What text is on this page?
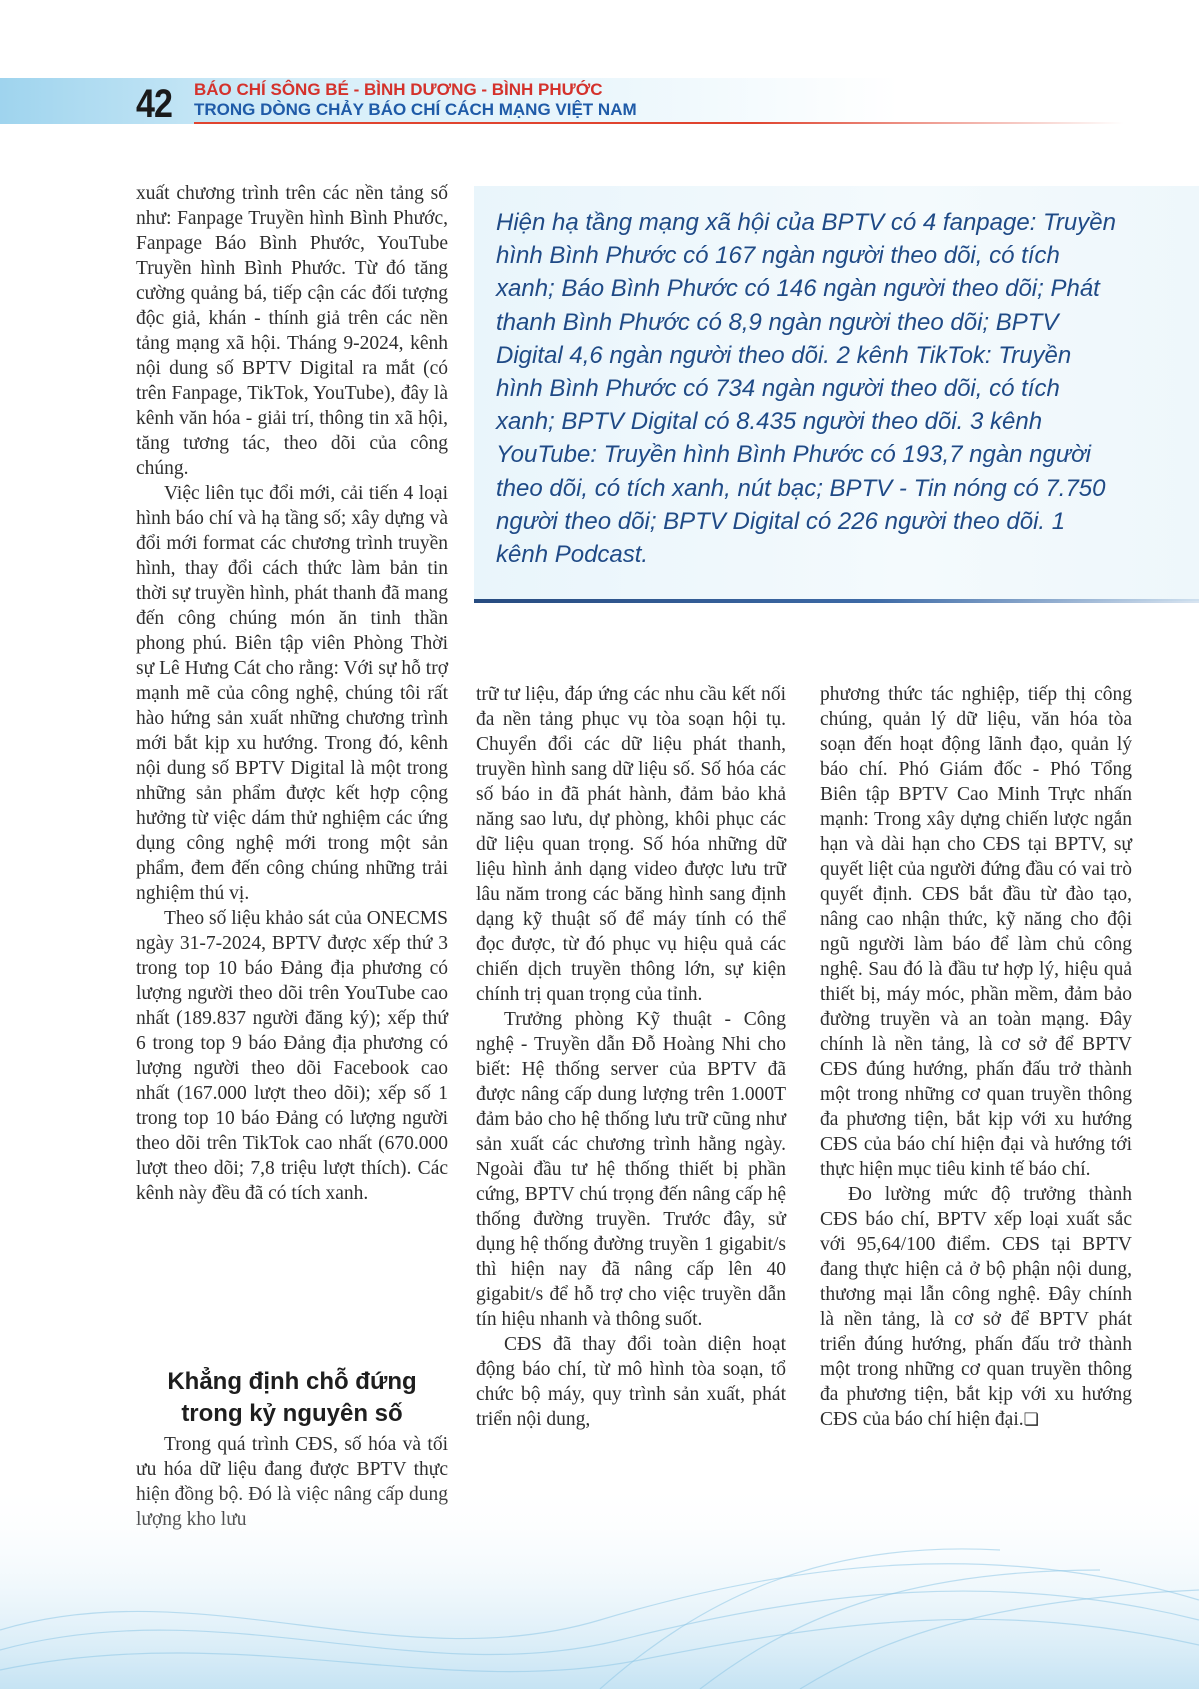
42 BÁO CHÍ SÔNG BÉ - BÌNH DƯƠNG - BÌNH PHƯỚC
TRONG DÒNG CHẢY BÁO CHÍ CÁCH MẠNG VIỆT NAM

xuất chương trình trên các nền tảng số như: Fanpage Truyền hình Bình Phước, Fanpage Báo Bình Phước, YouTube Truyền hình Bình Phước. Từ đó tăng cường quảng bá, tiếp cận các đối tượng độc giả, khán - thính giả trên các nền tảng mạng xã hội. Tháng 9-2024, kênh nội dung số BPTV Digital ra mắt (có trên Fanpage, TikTok, YouTube), đây là kênh văn hóa - giải trí, thông tin xã hội, tăng tương tác, theo dõi của công chúng.

Việc liên tục đổi mới, cải tiến 4 loại hình báo chí và hạ tầng số; xây dựng và đổi mới format các chương trình truyền hình, thay đổi cách thức làm bản tin thời sự truyền hình, phát thanh đã mang đến công chúng món ăn tinh thần phong phú. Biên tập viên Phòng Thời sự Lê Hưng Cát cho rằng: Với sự hỗ trợ mạnh mẽ của công nghệ, chúng tôi rất hào hứng sản xuất những chương trình mới bắt kịp xu hướng. Trong đó, kênh nội dung số BPTV Digital là một trong những sản phẩm được kết hợp cộng hưởng từ việc dám thử nghiệm các ứng dụng công nghệ mới trong một sản phẩm, đem đến công chúng những trải nghiệm thú vị.

Theo số liệu khảo sát của ONECMS ngày 31-7-2024, BPTV được xếp thứ 3 trong top 10 báo Đảng địa phương có lượng người theo dõi trên YouTube cao nhất (189.837 người đăng ký); xếp thứ 6 trong top 9 báo Đảng địa phương có lượng người theo dõi Facebook cao nhất (167.000 lượt theo dõi); xếp số 1 trong top 10 báo Đảng có lượng người theo dõi trên TikTok cao nhất (670.000 lượt theo dõi; 7,8 triệu lượt thích). Các kênh này đều đã có tích xanh.

Khẳng định chỗ đứng
trong kỷ nguyên số

Trong quá trình CĐS, số hóa và tối ưu hóa dữ liệu đang được BPTV thực

Hiện hạ tầng mạng xã hội của BPTV có 4 fanpage: Truyền hình Bình Phước có 167 ngàn người theo dõi, có tích xanh; Báo Bình Phước có 146 ngàn người theo dõi; Phát thanh Bình Phước có 8,9 ngàn người theo dõi; BPTV Digital 4,6 ngàn người theo dõi. 2 kênh TikTok: Truyền hình Bình Phước có 734 ngàn người theo dõi, có tích xanh; BPTV Digital có 8.435 người theo dõi. 3 kênh YouTube: Truyền hình Bình Phước có 193,7 ngàn người theo dõi, có tích xanh, nút bạc; BPTV - Tin nóng có 7.750 người theo dõi; BPTV Digital có 226 người theo dõi. 1 kênh Podcast.

trữ tư liệu, đáp ứng các nhu cầu kết nối đa nền tảng phục vụ tòa soạn hội tụ. Chuyển đổi các dữ liệu phát thanh, truyền hình sang dữ liệu số. Số hóa các số báo in đã phát hành, đảm bảo khả năng sao lưu, dự phòng, khôi phục các dữ liệu quan trọng. Số hóa những dữ liệu hình ảnh dạng video được lưu trữ lâu năm trong các băng hình sang định dạng kỹ thuật số để máy tính có thể đọc được, từ đó phục vụ hiệu quả các chiến dịch truyền thông lớn, sự kiện chính trị quan trọng của tỉnh.

Trưởng phòng Kỹ thuật - Công nghệ - Truyền dẫn Đỗ Hoàng Nhi cho biết: Hệ thống server của BPTV đã được nâng cấp dung lượng trên 1.000T đảm bảo cho hệ thống lưu trữ cũng như sản xuất các chương trình hằng ngày. Ngoài đầu tư hệ thống thiết bị phần cứng, BPTV chú trọng đến nâng cấp hệ thống đường truyền. Trước đây, sử dụng hệ thống đường truyền 1 gigabit/s thì hiện nay đã nâng cấp lên 40 gigabit/s để hỗ trợ cho việc truyền dẫn tín hiệu nhanh và thông suốt.

CĐS đã thay đổi toàn diện hoạt động báo chí, từ mô hình tòa soạn, tổ chức bộ máy, quy trình sản xuất, phát triển nội dung,

phương thức tác nghiệp, tiếp thị công chúng, quản lý dữ liệu, văn hóa tòa soạn đến hoạt động lãnh đạo, quản lý báo chí. Phó Giám đốc - Phó Tổng Biên tập BPTV Cao Minh Trực nhấn mạnh: Trong xây dựng chiến lược ngắn hạn và dài hạn cho CĐS tại BPTV, sự quyết liệt của người đứng đầu có vai trò quyết định. CĐS bắt đầu từ đào tạo, nâng cao nhận thức, kỹ năng cho đội ngũ người làm báo để làm chủ công nghệ. Sau đó là đầu tư hợp lý, hiệu quả thiết bị, máy móc, phần mềm, đảm bảo đường truyền và an toàn mạng. Đây chính là nền tảng, là cơ sở để BPTV CĐS đúng hướng, phấn đấu trở thành một trong những cơ quan truyền thông đa phương tiện, bắt kịp với xu hướng CĐS của báo chí hiện đại và hướng tới thực hiện mục tiêu kinh tế báo chí.

Đo lường mức độ trưởng thành CĐS báo chí, BPTV xếp loại xuất sắc với 95,64/100 điểm. CĐS tại BPTV đang thực hiện cả ở bộ phận nội dung, thương mại lẫn công nghệ. Đây chính là nền tảng, là cơ sở để BPTV phát triển đúng hướng, phấn đấu trở thành một trong những cơ quan truyền thông đa phương tiện, bắt kịp với xu hướng CĐS của báo chí hiện đại.❏
